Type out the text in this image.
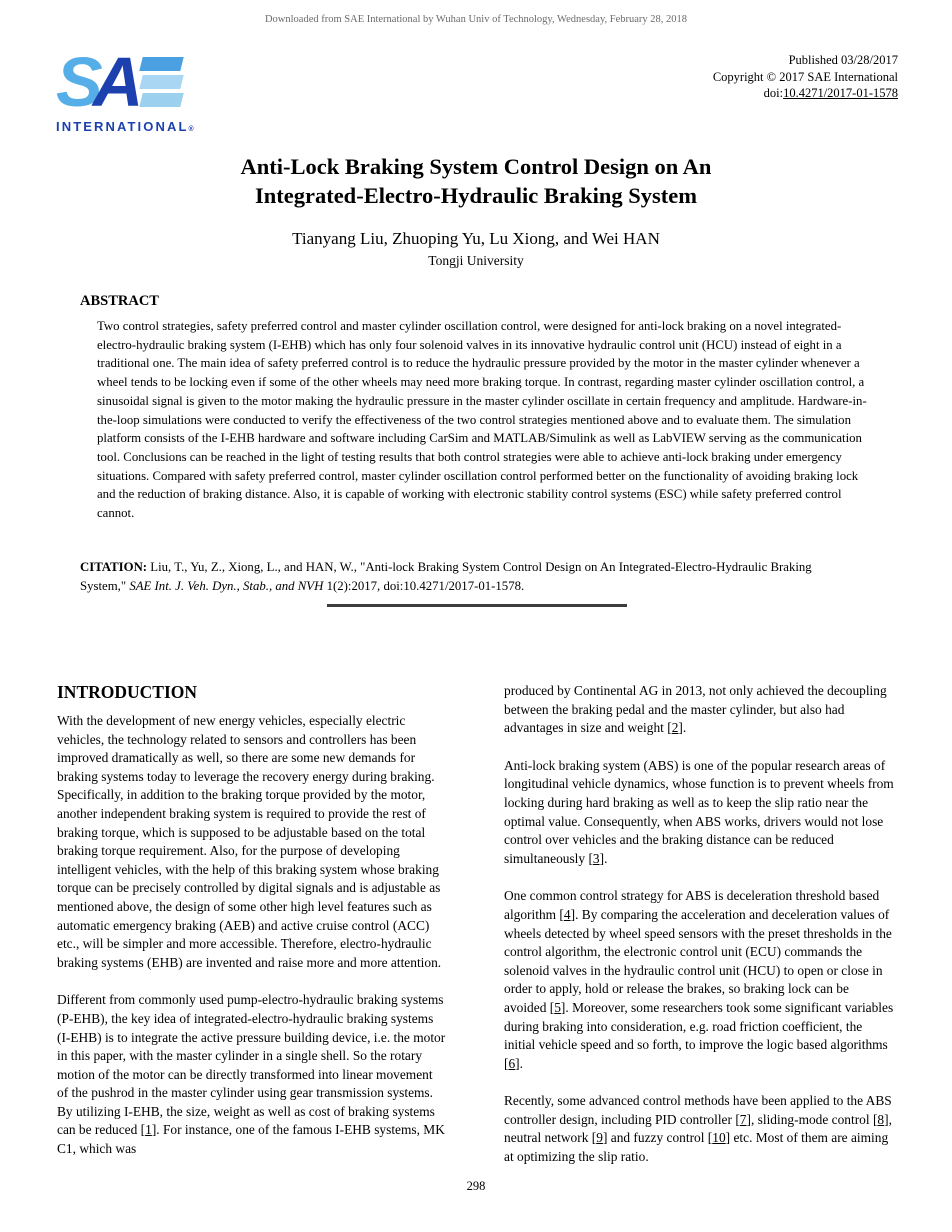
Downloaded from SAE International by Wuhan Univ of Technology, Wednesday, February 28, 2018
S
A
INTERNATIONAL®
Published 03/28/2017
Copyright © 2017 SAE International
doi:10.4271/2017-01-1578
Anti-Lock Braking System Control Design on An
Integrated-Electro-Hydraulic Braking System
Tianyang Liu, Zhuoping Yu, Lu Xiong, and Wei HAN
Tongji University
ABSTRACT

Two control strategies, safety preferred control and master cylinder oscillation control, were designed for anti-lock braking on a novel integrated-electro-hydraulic braking system (I-EHB) which has only four solenoid valves in its innovative hydraulic control unit (HCU) instead of eight in a traditional one. The main idea of safety preferred control is to reduce the hydraulic pressure provided by the motor in the master cylinder whenever a wheel tends to be locking even if some of the other wheels may need more braking torque. In contrast, regarding master cylinder oscillation control, a sinusoidal signal is given to the motor making the hydraulic pressure in the master cylinder oscillate in certain frequency and amplitude. Hardware-in-the-loop simulations were conducted to verify the effectiveness of the two control strategies mentioned above and to evaluate them. The simulation platform consists of the I-EHB hardware and software including CarSim and MATLAB/Simulink as well as LabVIEW serving as the communication tool. Conclusions can be reached in the light of testing results that both control strategies were able to achieve anti-lock braking under emergency situations. Compared with safety preferred control, master cylinder oscillation control performed better on the functionality of avoiding braking lock and the reduction of braking distance. Also, it is capable of working with electronic stability control systems (ESC) while safety preferred control cannot.

CITATION: Liu, T., Yu, Z., Xiong, L., and HAN, W., "Anti-lock Braking System Control Design on An Integrated-Electro-Hydraulic Braking System," SAE Int. J. Veh. Dyn., Stab., and NVH 1(2):2017, doi:10.4271/2017-01-1578.
INTRODUCTION

With the development of new energy vehicles, especially electric vehicles, the technology related to sensors and controllers has been improved dramatically as well, so there are some new demands for braking systems today to leverage the recovery energy during braking. Specifically, in addition to the braking torque provided by the motor, another independent braking system is required to provide the rest of braking torque, which is supposed to be adjustable based on the total braking torque requirement. Also, for the purpose of developing intelligent vehicles, with the help of this braking system whose braking torque can be precisely controlled by digital signals and is adjustable as mentioned above, the design of some other high level features such as automatic emergency braking (AEB) and active cruise control (ACC) etc., will be simpler and more accessible. Therefore, electro-hydraulic braking systems (EHB) are invented and raise more and more attention.

Different from commonly used pump-electro-hydraulic braking systems (P-EHB), the key idea of integrated-electro-hydraulic braking systems (I-EHB) is to integrate the active pressure building device, i.e. the motor in this paper, with the master cylinder in a single shell. So the rotary motion of the motor can be directly transformed into linear movement of the pushrod in the master cylinder using gear transmission systems. By utilizing I-EHB, the size, weight as well as cost of braking systems can be reduced [1]. For instance, one of the famous I-EHB systems, MK C1, which was

produced by Continental AG in 2013, not only achieved the decoupling between the braking pedal and the master cylinder, but also had advantages in size and weight [2].

Anti-lock braking system (ABS) is one of the popular research areas of longitudinal vehicle dynamics, whose function is to prevent wheels from locking during hard braking as well as to keep the slip ratio near the optimal value. Consequently, when ABS works, drivers would not lose control over vehicles and the braking distance can be reduced simultaneously [3].

One common control strategy for ABS is deceleration threshold based algorithm [4]. By comparing the acceleration and deceleration values of wheels detected by wheel speed sensors with the preset thresholds in the control algorithm, the electronic control unit (ECU) commands the solenoid valves in the hydraulic control unit (HCU) to open or close in order to apply, hold or release the brakes, so braking lock can be avoided [5]. Moreover, some researchers took some significant variables during braking into consideration, e.g. road friction coefficient, the initial vehicle speed and so forth, to improve the logic based algorithms [6].

Recently, some advanced control methods have been applied to the ABS controller design, including PID controller [7], sliding-mode control [8], neutral network [9] and fuzzy control [10] etc. Most of them are aiming at optimizing the slip ratio.

298
